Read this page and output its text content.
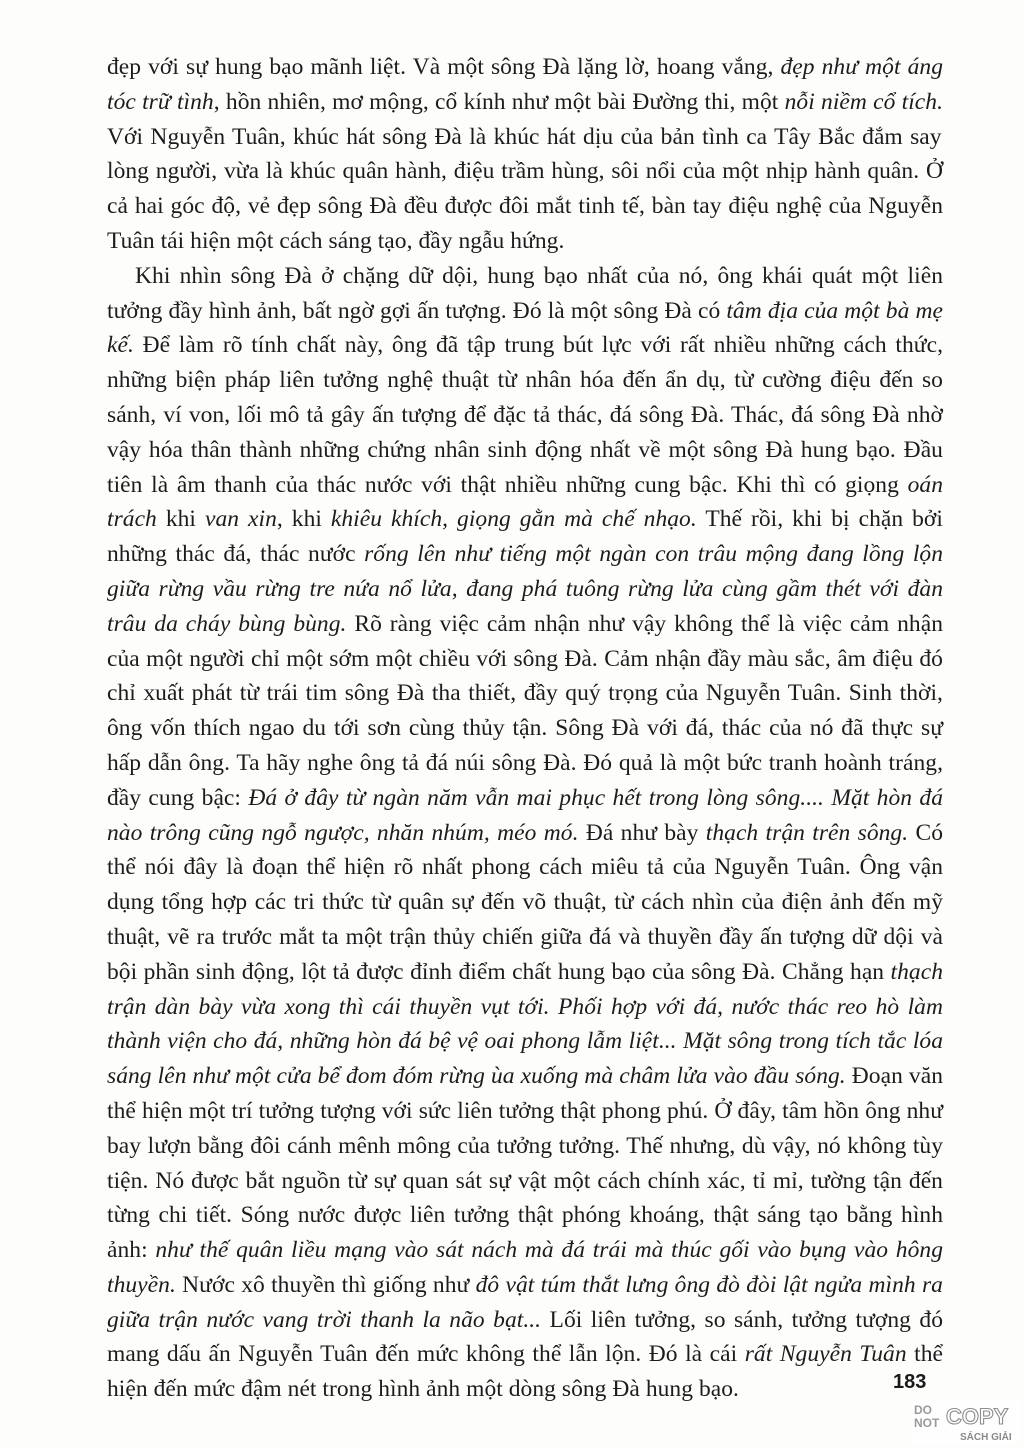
đẹp với sự hung bạo mãnh liệt. Và một sông Đà lặng lờ, hoang vắng, đẹp như một áng tóc trữ tình, hồn nhiên, mơ mộng, cổ kính như một bài Đường thi, một nỗi niềm cổ tích. Với Nguyễn Tuân, khúc hát sông Đà là khúc hát dịu của bản tình ca Tây Bắc đắm say lòng người, vừa là khúc quân hành, điệu trầm hùng, sôi nổi của một nhịp hành quân. Ở cả hai góc độ, vẻ đẹp sông Đà đều được đôi mắt tinh tế, bàn tay điệu nghệ của Nguyễn Tuân tái hiện một cách sáng tạo, đầy ngẫu hứng.

Khi nhìn sông Đà ở chặng dữ dội, hung bạo nhất của nó, ông khái quát một liên tưởng đầy hình ảnh, bất ngờ gợi ấn tượng. Đó là một sông Đà có tâm địa của một bà mẹ kế. Để làm rõ tính chất này, ông đã tập trung bút lực với rất nhiều những cách thức, những biện pháp liên tưởng nghệ thuật từ nhân hóa đến ẩn dụ, từ cường điệu đến so sánh, ví von, lối mô tả gây ấn tượng để đặc tả thác, đá sông Đà. Thác, đá sông Đà nhờ vậy hóa thân thành những chứng nhân sinh động nhất về một sông Đà hung bạo. Đầu tiên là âm thanh của thác nước với thật nhiều những cung bậc. Khi thì có giọng oán trách khi van xin, khi khiêu khích, giọng gằn mà chế nhạo. Thế rồi, khi bị chặn bởi những thác đá, thác nước rống lên như tiếng một ngàn con trâu mộng đang lồng lộn giữa rừng vầu rừng tre nứa nổ lửa, đang phá tuông rừng lửa cùng gầm thét với đàn trâu da cháy bùng bùng. Rõ ràng việc cảm nhận như vậy không thể là việc cảm nhận của một người chỉ một sớm một chiều với sông Đà. Cảm nhận đầy màu sắc, âm điệu đó chỉ xuất phát từ trái tim sông Đà tha thiết, đầy quý trọng của Nguyễn Tuân. Sinh thời, ông vốn thích ngao du tới sơn cùng thủy tận. Sông Đà với đá, thác của nó đã thực sự hấp dẫn ông. Ta hãy nghe ông tả đá núi sông Đà. Đó quả là một bức tranh hoành tráng, đầy cung bậc: Đá ở đây từ ngàn năm vẫn mai phục hết trong lòng sông.... Mặt hòn đá nào trông cũng ngỗ ngược, nhăn nhúm, méo mó. Đá như bày thạch trận trên sông. Có thể nói đây là đoạn thể hiện rõ nhất phong cách miêu tả của Nguyễn Tuân. Ông vận dụng tổng hợp các tri thức từ quân sự đến võ thuật, từ cách nhìn của điện ảnh đến mỹ thuật, vẽ ra trước mắt ta một trận thủy chiến giữa đá và thuyền đầy ấn tượng dữ dội và bội phần sinh động, lột tả được đỉnh điểm chất hung bạo của sông Đà. Chẳng hạn thạch trận dàn bày vừa xong thì cái thuyền vụt tới. Phối hợp với đá, nước thác reo hò làm thành viện cho đá, những hòn đá bệ vệ oai phong lẫm liệt... Mặt sông trong tích tắc lóa sáng lên như một cửa bể đom đóm rừng ùa xuống mà châm lửa vào đầu sóng. Đoạn văn thể hiện một trí tưởng tượng với sức liên tưởng thật phong phú. Ở đây, tâm hồn ông như bay lượn bằng đôi cánh mênh mông của tưởng tưởng. Thế nhưng, dù vậy, nó không tùy tiện. Nó được bắt nguồn từ sự quan sát sự vật một cách chính xác, tỉ mỉ, tường tận đến từng chi tiết. Sóng nước được liên tưởng thật phóng khoáng, thật sáng tạo bằng hình ảnh: như thế quân liều mạng vào sát nách mà đá trái mà thúc gối vào bụng vào hông thuyền. Nước xô thuyền thì giống như đô vật túm thắt lưng ông đò đòi lật ngửa mình ra giữa trận nước vang trời thanh la não bạt... Lối liên tưởng, so sánh, tưởng tượng đó mang dấu ấn Nguyễn Tuân đến mức không thể lẫn lộn. Đó là cái rất Nguyễn Tuân thể hiện đến mức đậm nét trong hình ảnh một dòng sông Đà hung bạo.	183
DO
NOT COPY
SÁCH GIẢI
